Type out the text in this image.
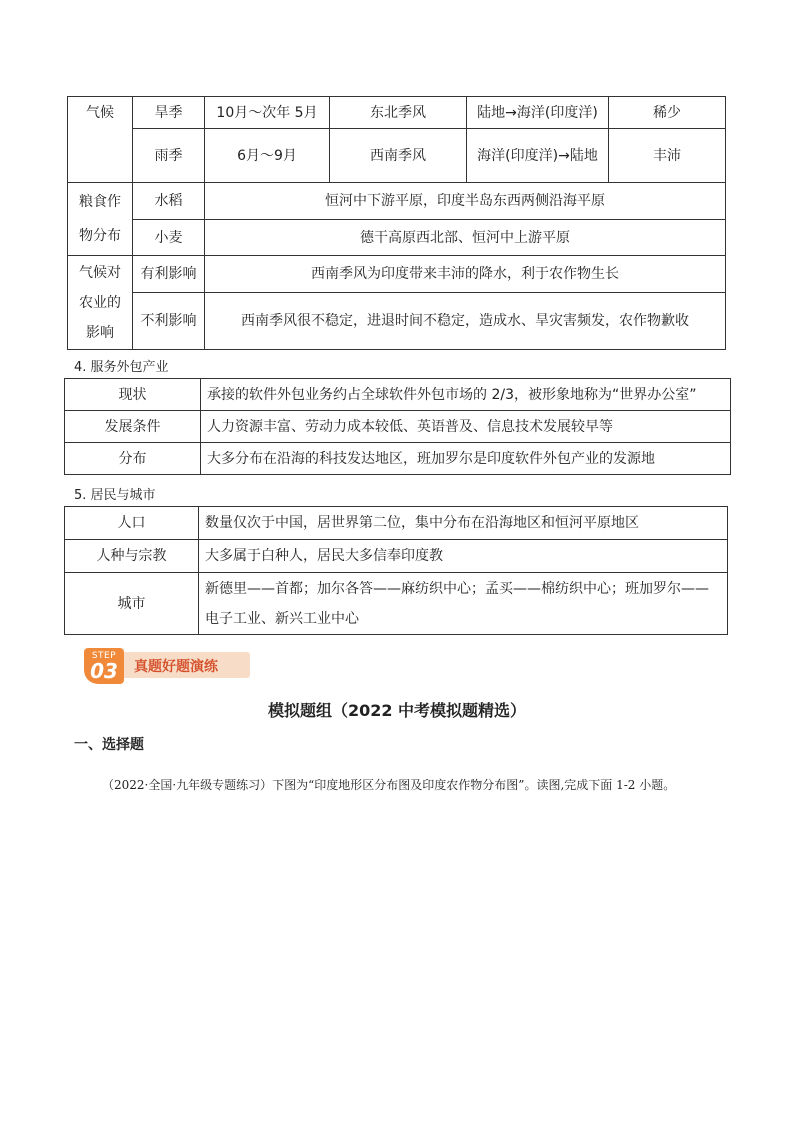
气候	旱季	10月～次年 5月	东北季风	陆地→海洋(印度洋)	稀少
	雨季	6月～9月	西南季风	海洋(印度洋)→陆地	丰沛
粮食作物分布	水稻	恒河中下游平原，印度半岛东西两侧沿海平原			
	小麦	德干高原西北部、恒河中上游平原			
气候对农业的影响	有利影响	西南季风为印度带来丰沛的降水，利于农作物生长			
	不利影响	西南季风很不稳定，进退时间不稳定，造成水、旱灾害频发，农作物歉收			
4. 服务外包产业
现状	承接的软件外包业务约占全球软件外包市场的 2/3，被形象地称为“世界办公室”
发展条件	人力资源丰富、劳动力成本较低、英语普及、信息技术发展较早等
分布	大多分布在沿海的科技发达地区，班加罗尔是印度软件外包产业的发源地
5. 居民与城市
人口	数量仅次于中国，居世界第二位，集中分布在沿海地区和恒河平原地区
人种与宗教	大多属于白种人，居民大多信奉印度教
城市	新德里——首都；加尔各答——麻纺织中心；孟买——棉纺织中心；班加罗尔——电子工业、新兴工业中心
STEP
03	真题好题演练
模拟题组（2022 中考模拟题精选）
一、选择题
（2022·全国·九年级专题练习）下图为“印度地形区分布图及印度农作物分布图”。读图,完成下面 1-2 小题。
